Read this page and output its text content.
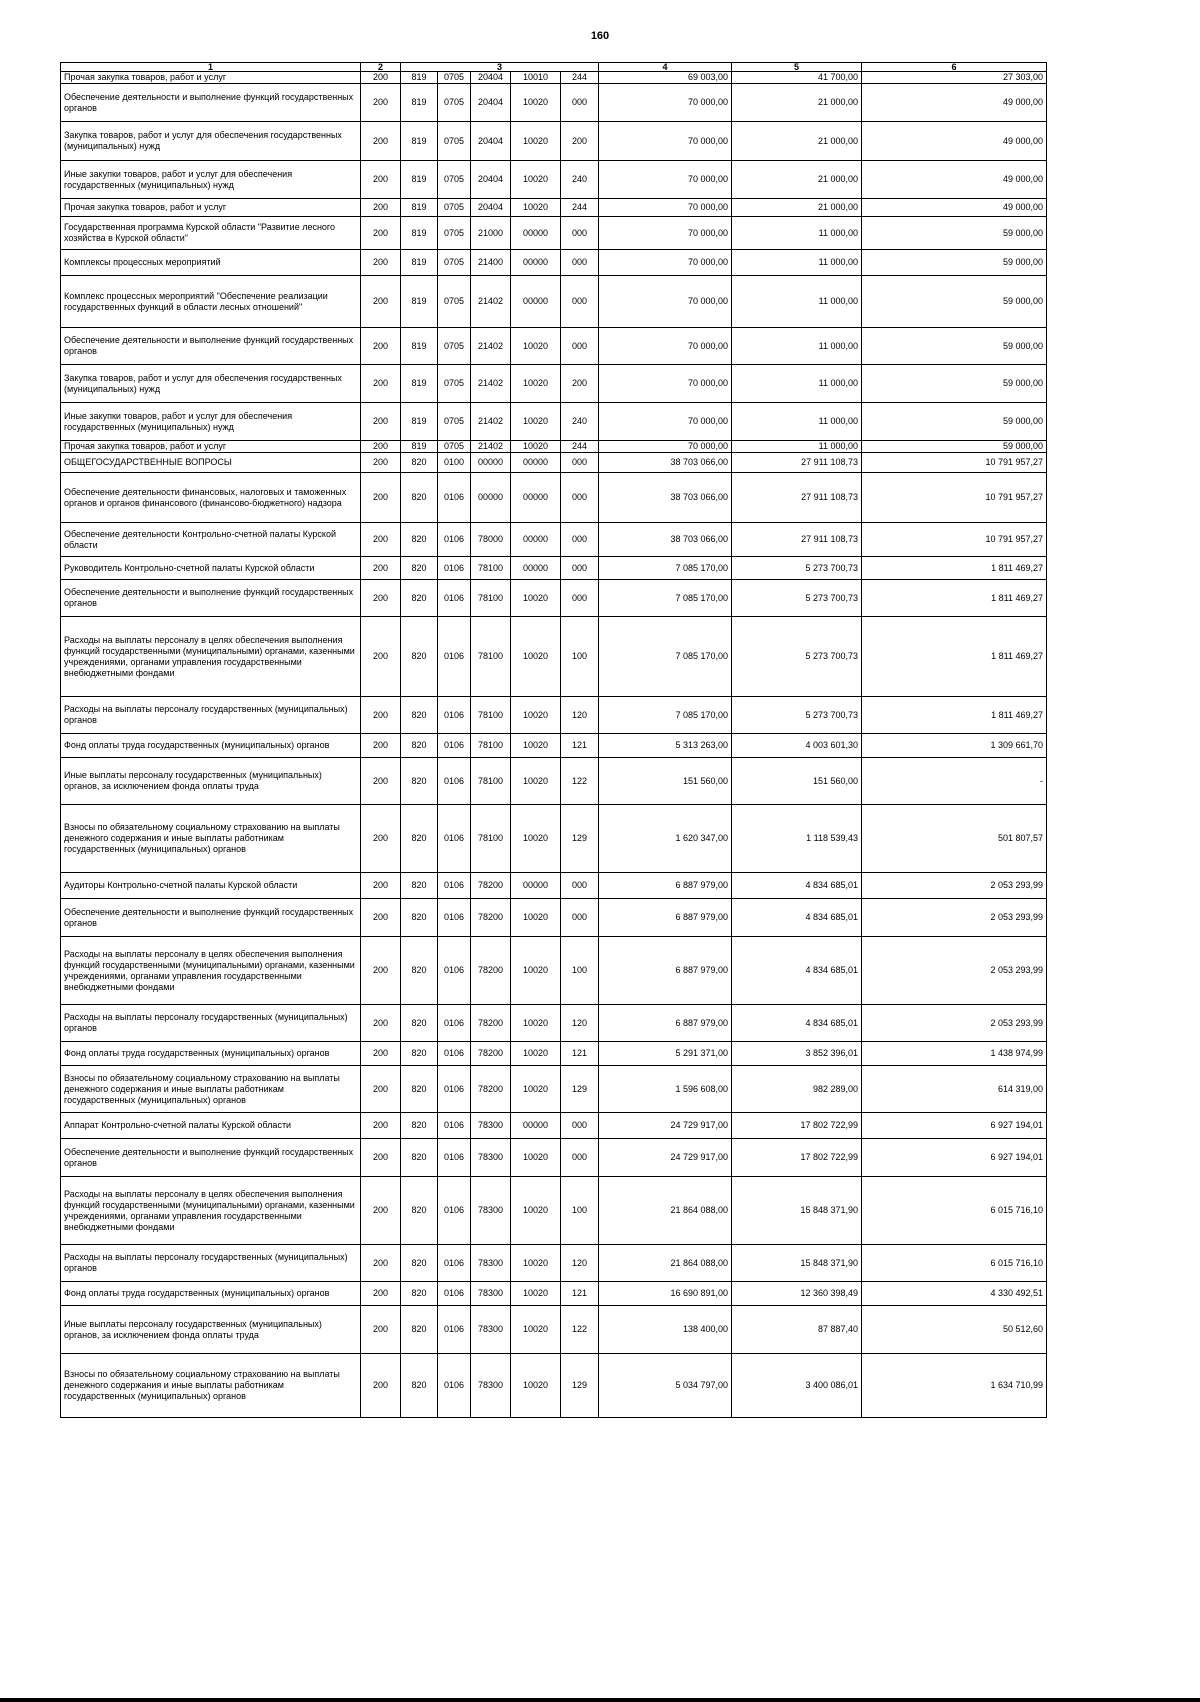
160
1	2	3					4	5	6
Прочая закупка товаров, работ и услуг	200	819	0705	20404	10010	244	69 003,00	41 700,00	27 303,00
Обеспечение деятельности и выполнение функций государственных органов	200	819	0705	20404	10020	000	70 000,00	21 000,00	49 000,00
Закупка товаров, работ и услуг для обеспечения государственных (муниципальных) нужд	200	819	0705	20404	10020	200	70 000,00	21 000,00	49 000,00
Иные закупки товаров, работ и услуг для обеспечения государственных (муниципальных) нужд	200	819	0705	20404	10020	240	70 000,00	21 000,00	49 000,00
Прочая закупка товаров, работ и услуг	200	819	0705	20404	10020	244	70 000,00	21 000,00	49 000,00
Государственная программа Курской области "Развитие лесного хозяйства в Курской области"	200	819	0705	21000	00000	000	70 000,00	11 000,00	59 000,00
Комплексы процессных мероприятий	200	819	0705	21400	00000	000	70 000,00	11 000,00	59 000,00
Комплекс процессных мероприятий "Обеспечение реализации государственных функций в области лесных отношений"	200	819	0705	21402	00000	000	70 000,00	11 000,00	59 000,00
Обеспечение деятельности и выполнение функций государственных органов	200	819	0705	21402	10020	000	70 000,00	11 000,00	59 000,00
Закупка товаров, работ и услуг для обеспечения государственных (муниципальных) нужд	200	819	0705	21402	10020	200	70 000,00	11 000,00	59 000,00
Иные закупки товаров, работ и услуг для обеспечения государственных (муниципальных) нужд	200	819	0705	21402	10020	240	70 000,00	11 000,00	59 000,00
Прочая закупка товаров, работ и услуг	200	819	0705	21402	10020	244	70 000,00	11 000,00	59 000,00
ОБЩЕГОСУДАРСТВЕННЫЕ ВОПРОСЫ	200	820	0100	00000	00000	000	38 703 066,00	27 911 108,73	10 791 957,27
Обеспечение деятельности финансовых, налоговых и таможенных органов и органов финансового (финансово-бюджетного) надзора	200	820	0106	00000	00000	000	38 703 066,00	27 911 108,73	10 791 957,27
Обеспечение деятельности Контрольно-счетной палаты Курской области	200	820	0106	78000	00000	000	38 703 066,00	27 911 108,73	10 791 957,27
Руководитель Контрольно-счетной палаты Курской области	200	820	0106	78100	00000	000	7 085 170,00	5 273 700,73	1 811 469,27
Обеспечение деятельности и выполнение функций государственных органов	200	820	0106	78100	10020	000	7 085 170,00	5 273 700,73	1 811 469,27
Расходы на выплаты персоналу в целях обеспечения выполнения функций государственными (муниципальными) органами, казенными учреждениями, органами управления государственными внебюджетными фондами	200	820	0106	78100	10020	100	7 085 170,00	5 273 700,73	1 811 469,27
Расходы на выплаты персоналу государственных (муниципальных) органов	200	820	0106	78100	10020	120	7 085 170,00	5 273 700,73	1 811 469,27
Фонд оплаты труда государственных (муниципальных) органов	200	820	0106	78100	10020	121	5 313 263,00	4 003 601,30	1 309 661,70
Иные выплаты персоналу государственных (муниципальных) органов, за исключением фонда оплаты труда	200	820	0106	78100	10020	122	151 560,00	151 560,00	-
Взносы по обязательному социальному страхованию на выплаты денежного содержания и иные выплаты работникам государственных (муниципальных) органов	200	820	0106	78100	10020	129	1 620 347,00	1 118 539,43	501 807,57
Аудиторы Контрольно-счетной палаты Курской области	200	820	0106	78200	00000	000	6 887 979,00	4 834 685,01	2 053 293,99
Обеспечение деятельности и выполнение функций государственных органов	200	820	0106	78200	10020	000	6 887 979,00	4 834 685,01	2 053 293,99
Расходы на выплаты персоналу в целях обеспечения выполнения функций государственными (муниципальными) органами, казенными учреждениями, органами управления государственными внебюджетными фондами	200	820	0106	78200	10020	100	6 887 979,00	4 834 685,01	2 053 293,99
Расходы на выплаты персоналу государственных (муниципальных) органов	200	820	0106	78200	10020	120	6 887 979,00	4 834 685,01	2 053 293,99
Фонд оплаты труда государственных (муниципальных) органов	200	820	0106	78200	10020	121	5 291 371,00	3 852 396,01	1 438 974,99
Взносы по обязательному социальному страхованию на выплаты денежного содержания и иные выплаты работникам государственных (муниципальных) органов	200	820	0106	78200	10020	129	1 596 608,00	982 289,00	614 319,00
Аппарат Контрольно-счетной палаты Курской области	200	820	0106	78300	00000	000	24 729 917,00	17 802 722,99	6 927 194,01
Обеспечение деятельности и выполнение функций государственных органов	200	820	0106	78300	10020	000	24 729 917,00	17 802 722,99	6 927 194,01
Расходы на выплаты персоналу в целях обеспечения выполнения функций государственными (муниципальными) органами, казенными учреждениями, органами управления государственными внебюджетными фондами	200	820	0106	78300	10020	100	21 864 088,00	15 848 371,90	6 015 716,10
Расходы на выплаты персоналу государственных (муниципальных) органов	200	820	0106	78300	10020	120	21 864 088,00	15 848 371,90	6 015 716,10
Фонд оплаты труда государственных (муниципальных) органов	200	820	0106	78300	10020	121	16 690 891,00	12 360 398,49	4 330 492,51
Иные выплаты персоналу государственных (муниципальных) органов, за исключением фонда оплаты труда	200	820	0106	78300	10020	122	138 400,00	87 887,40	50 512,60
Взносы по обязательному социальному страхованию на выплаты денежного содержания и иные выплаты работникам государственных (муниципальных) органов	200	820	0106	78300	10020	129	5 034 797,00	3 400 086,01	1 634 710,99
